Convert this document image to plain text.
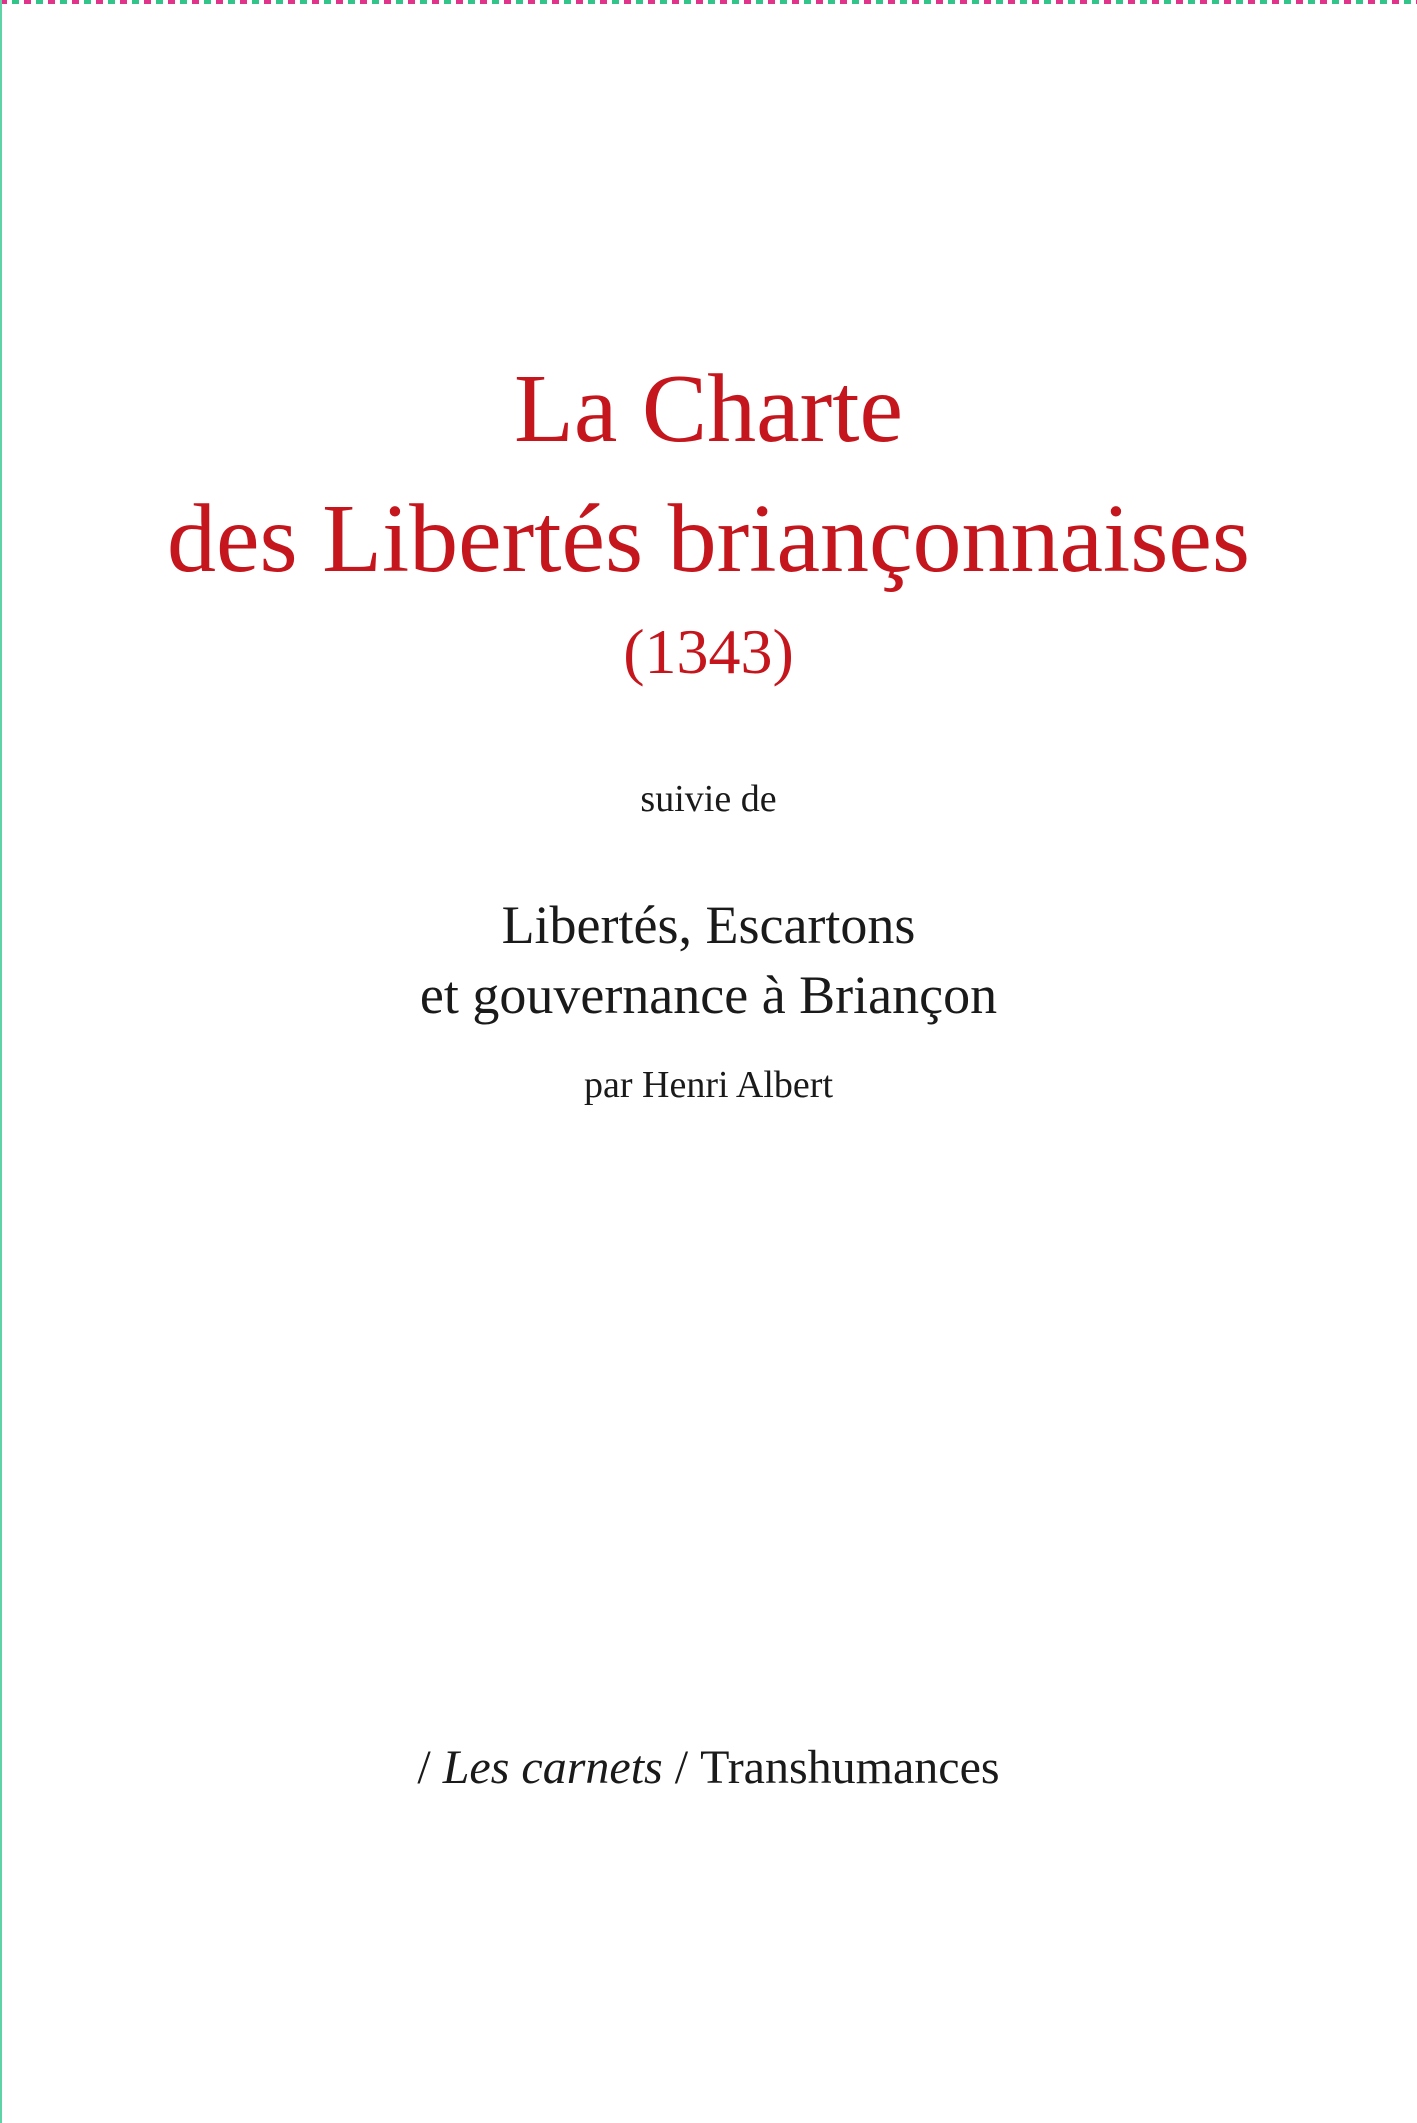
La Charte
des Libertés briançonnaises
(1343)
suivie de
Libertés, Escartons
et gouvernance à Briançon
par Henri Albert
/ Les carnets / Transhumances
